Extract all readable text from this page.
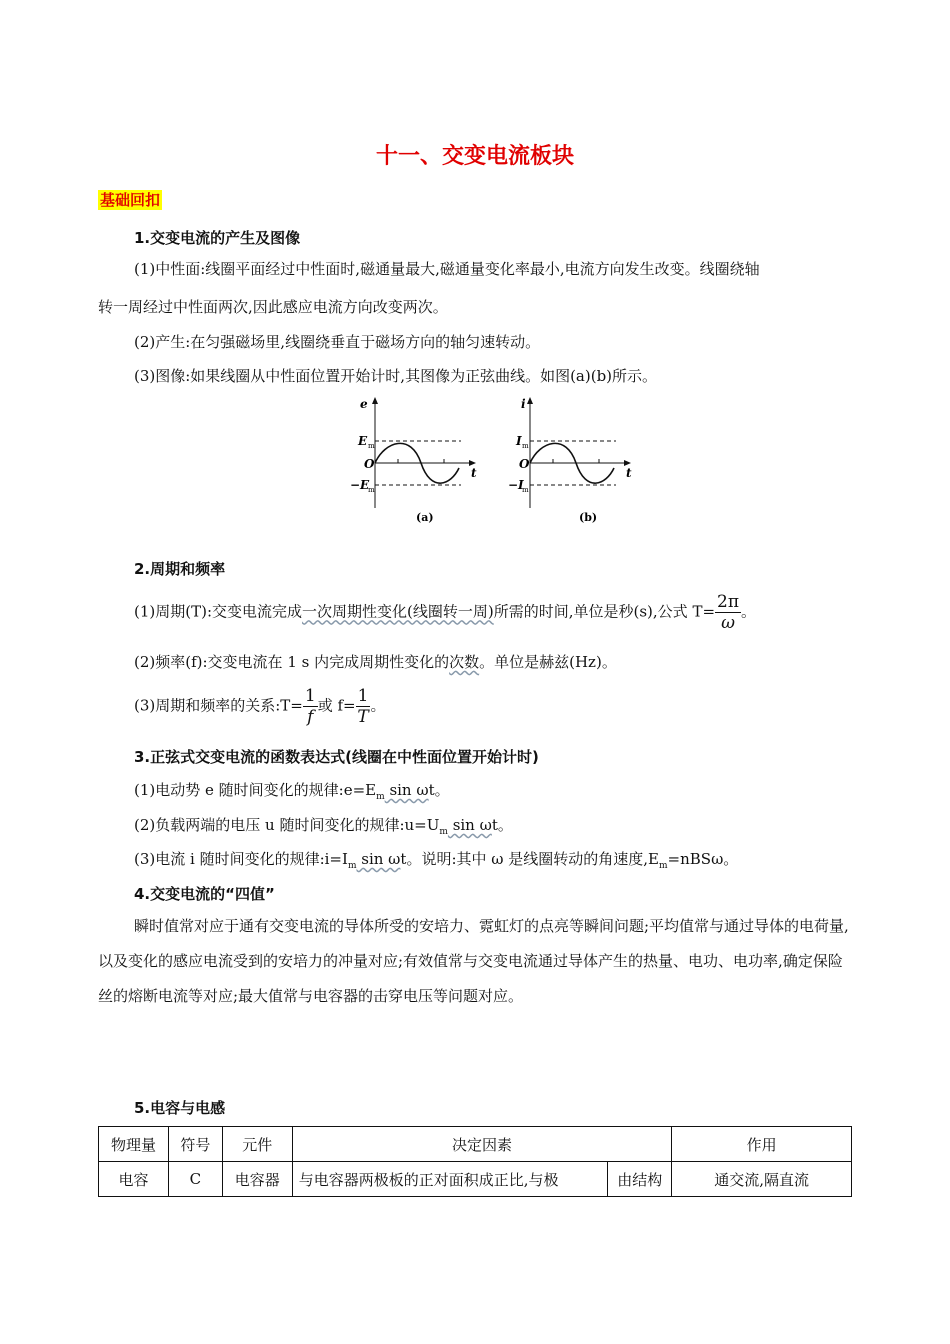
十一、交变电流板块
基础回扣
1.交变电流的产生及图像
(1)中性面:线圈平面经过中性面时,磁通量最大,磁通量变化率最小,电流方向发生改变。线圈绕轴
转一周经过中性面两次,因此感应电流方向改变两次。
(2)产生:在匀强磁场里,线圈绕垂直于磁场方向的轴匀速转动。
(3)图像:如果线圈从中性面位置开始计时,其图像为正弦曲线。如图(a)(b)所示。
e
t
E m
O
−E
m
(a)
i
t
I m
O
−I
m
(b)
2.周期和频率
(1)周期(T):交变电流完成一次周期性变化(线圈转一周)所需的时间,单位是秒(s),公式 $T= \frac{2\pi}{\omega}$ 。
(2)频率(f):交变电流在 1 s 内完成周期性变化的次数。单位是赫兹(Hz)。
(3)周期和频率的关系:T= $\frac{1}{f}$ 或 $f= \frac{1}{T}$ 。
3.正弦式交变电流的函数表达式(线圈在中性面位置开始计时)
(1)电动势 e 随时间变化的规律$:e=E_m$ sin ωt。
(2)负载两端的电压 u 随时间变化的规律$:u=U_m$ sin ωt。
(3)电流 i 随时间变化的规律$:i=I_m$ sin ωt。说明:其中 ω 是线圈转动的角速度$,E_m=nBS\omega$。
4.交变电流的“四值”
瞬时值常对应于通有交变电流的导体所受的安培力、霓虹灯的点亮等瞬间问题;平均值常与通过导体的电荷量,以及变化的感应电流受到的安培力的冲量对应;有效值常与交变电流通过导体产生的热量、电功、电功率,确定保险丝的熔断电流等对应;最大值常与电容器的击穿电压等问题对应。
5.电容与电感
物理量	符号	元件	决定因素		作用
电容	C	电容器	与电容器两极板的正对面积成正比,与极	由结构	通交流,隔直流
